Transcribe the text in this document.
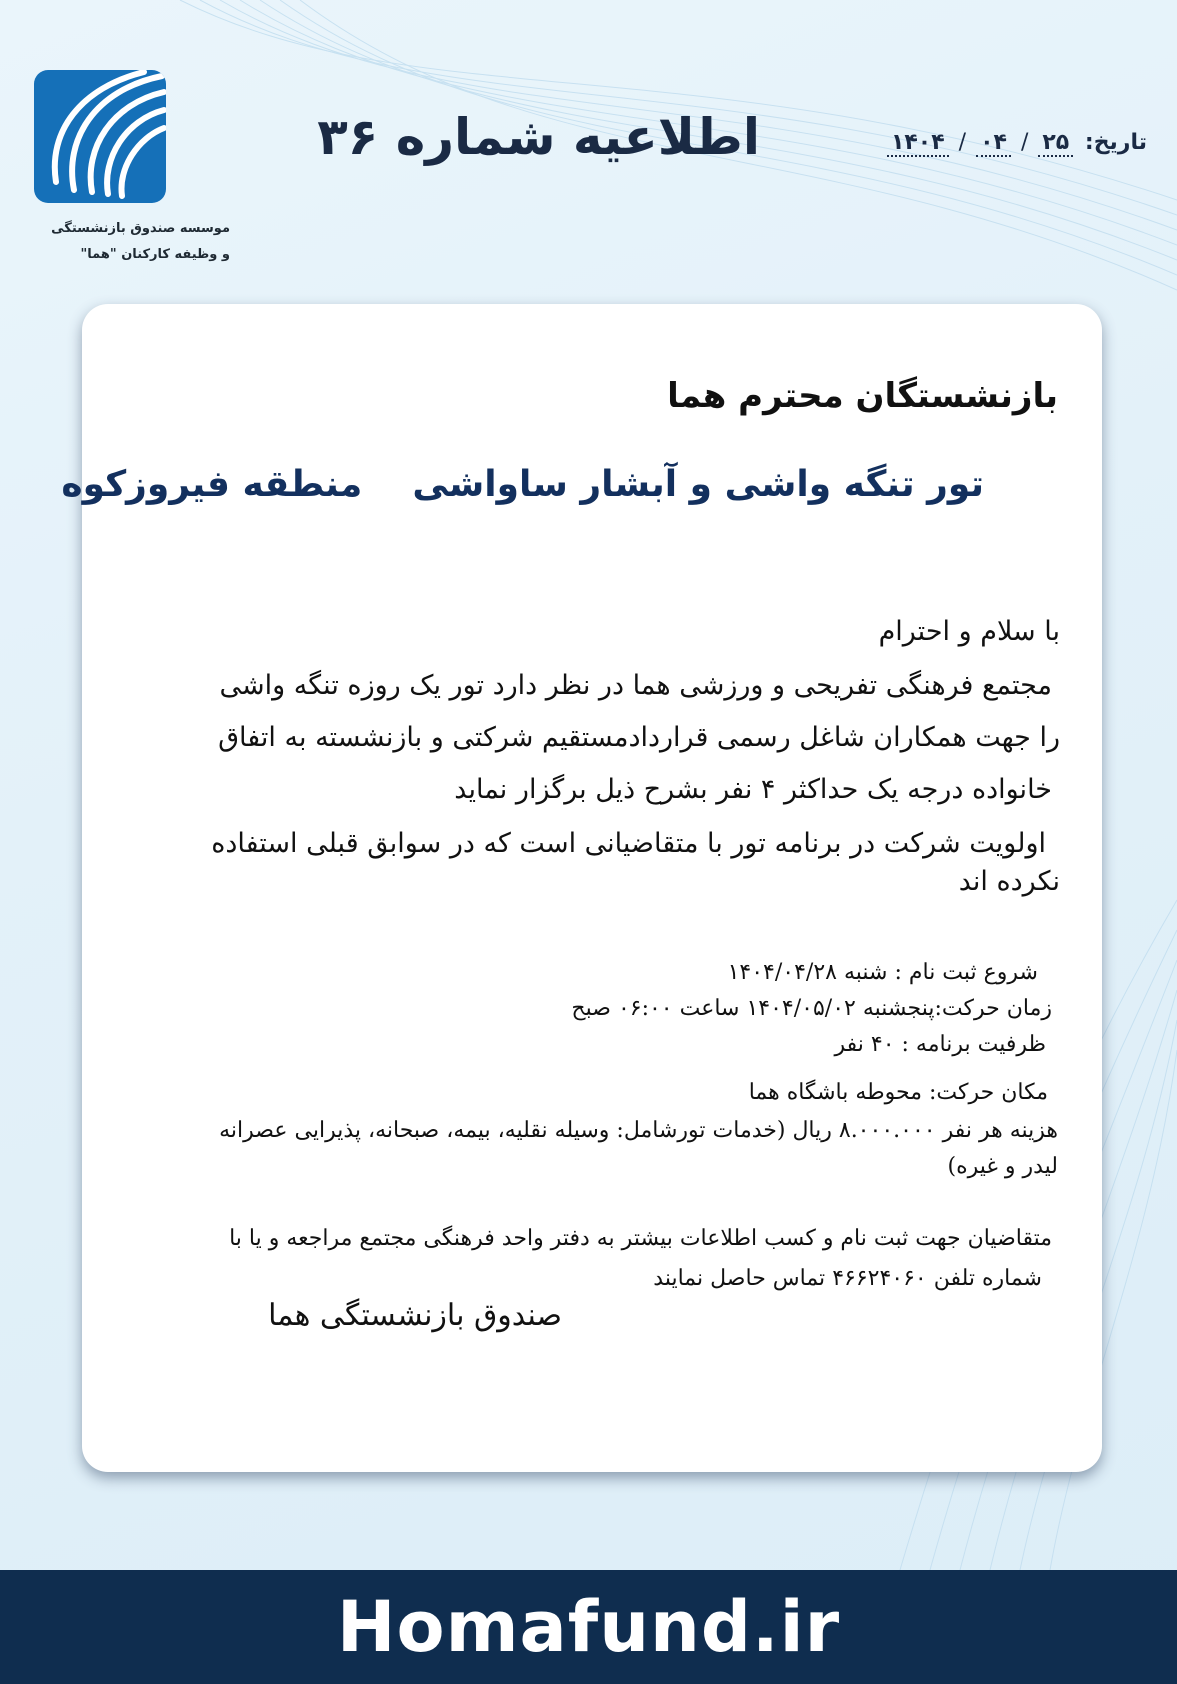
موسسه صندوق بازنشستگی
و وظیفه کارکنان "هما"
اطلاعیه شماره ۳۶	تاریخ: ۲۵/۰۴/۱۴۰۴
بازنشستگان محترم هما
تور تنگه واشی و آبشار ساواشی    منطقه فیروزکوه
با سلام و احترام
مجتمع فرهنگی تفریحی و ورزشی هما در نظر دارد تور یک روزه تنگه واشی
را جهت همکاران شاغل رسمی قراردادمستقیم شرکتی و بازنشسته به اتفاق
خانواده درجه یک حداکثر ۴ نفر بشرح ذیل برگزار نماید
اولویت شرکت در برنامه تور با متقاضیانی است که در سوابق قبلی استفاده
نکرده اند
شروع ثبت نام : شنبه ۱۴۰۴/۰۴/۲۸
زمان حرکت:پنجشنبه ۱۴۰۴/۰۵/۰۲ ساعت ۰۶:۰۰ صبح
ظرفیت برنامه : ۴۰ نفر
مکان حرکت: محوطه باشگاه هما
هزینه هر نفر ۸.۰۰۰.۰۰۰ ریال (خدمات تورشامل: وسیله نقلیه، بیمه، صبحانه، پذیرایی عصرانه
لیدر و غیره)
متقاضیان جهت ثبت نام و کسب اطلاعات بیشتر به دفتر واحد فرهنگی مجتمع مراجعه و یا با
شماره تلفن ۴۶۶۲۴۰۶۰ تماس حاصل نمایند
صندوق بازنشستگی هما
Homafund.ir
